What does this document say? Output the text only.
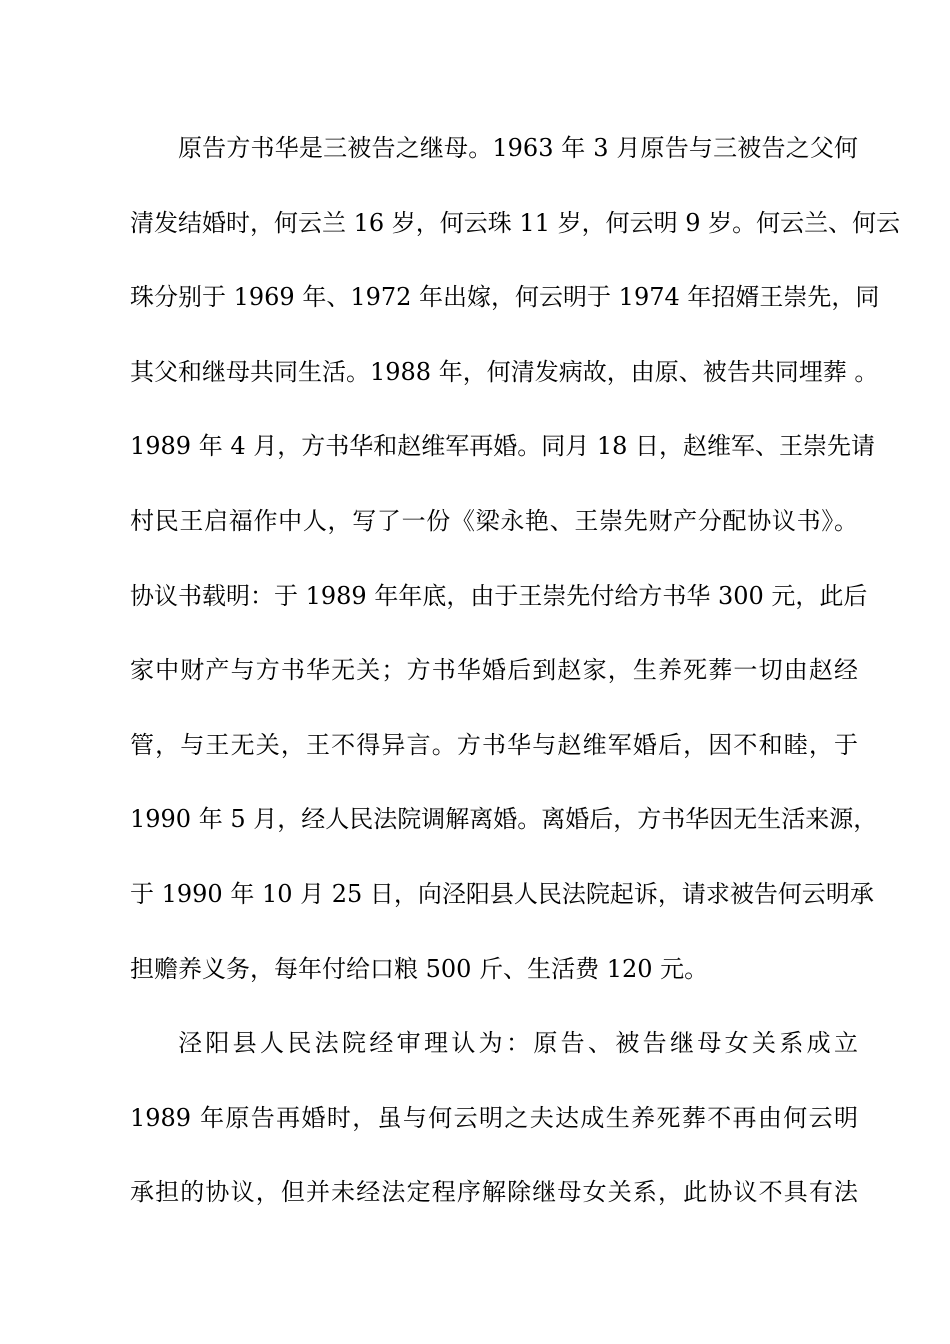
原告方书华是三被告之继母。1963 年 3 月原告与三被告之父何
清发结婚时，何云兰 16 岁，何云珠 11 岁，何云明 9 岁。何云兰、何云
珠分别于 1969 年、1972 年出嫁，何云明于 1974 年招婿王崇先，同
其父和继母共同生活。1988 年，何清发病故，由原、被告共同埋葬 。
1989 年 4 月，方书华和赵维军再婚。同月 18 日，赵维军、王崇先请
村民王启福作中人，写了一份《梁永艳、王崇先财产分配协议书》。
协议书载明：于 1989 年年底，由于王崇先付给方书华 300 元，此后
家中财产与方书华无关；方书华婚后到赵家，生养死葬一切由赵经
管，与王无关，王不得异言。方书华与赵维军婚后，因不和睦，于
1990 年 5 月，经人民法院调解离婚。离婚后，方书华因无生活来源，
于 1990 年 10 月 25 日，向泾阳县人民法院起诉，请求被告何云明承
担赡养义务，每年付给口粮 500 斤、生活费 120 元。
泾阳县人民法院经审理认为：原告、被告继母女关系成立
1989 年原告再婚时，虽与何云明之夫达成生养死葬不再由何云明
承担的协议，但并未经法定程序解除继母女关系，此协议不具有法
